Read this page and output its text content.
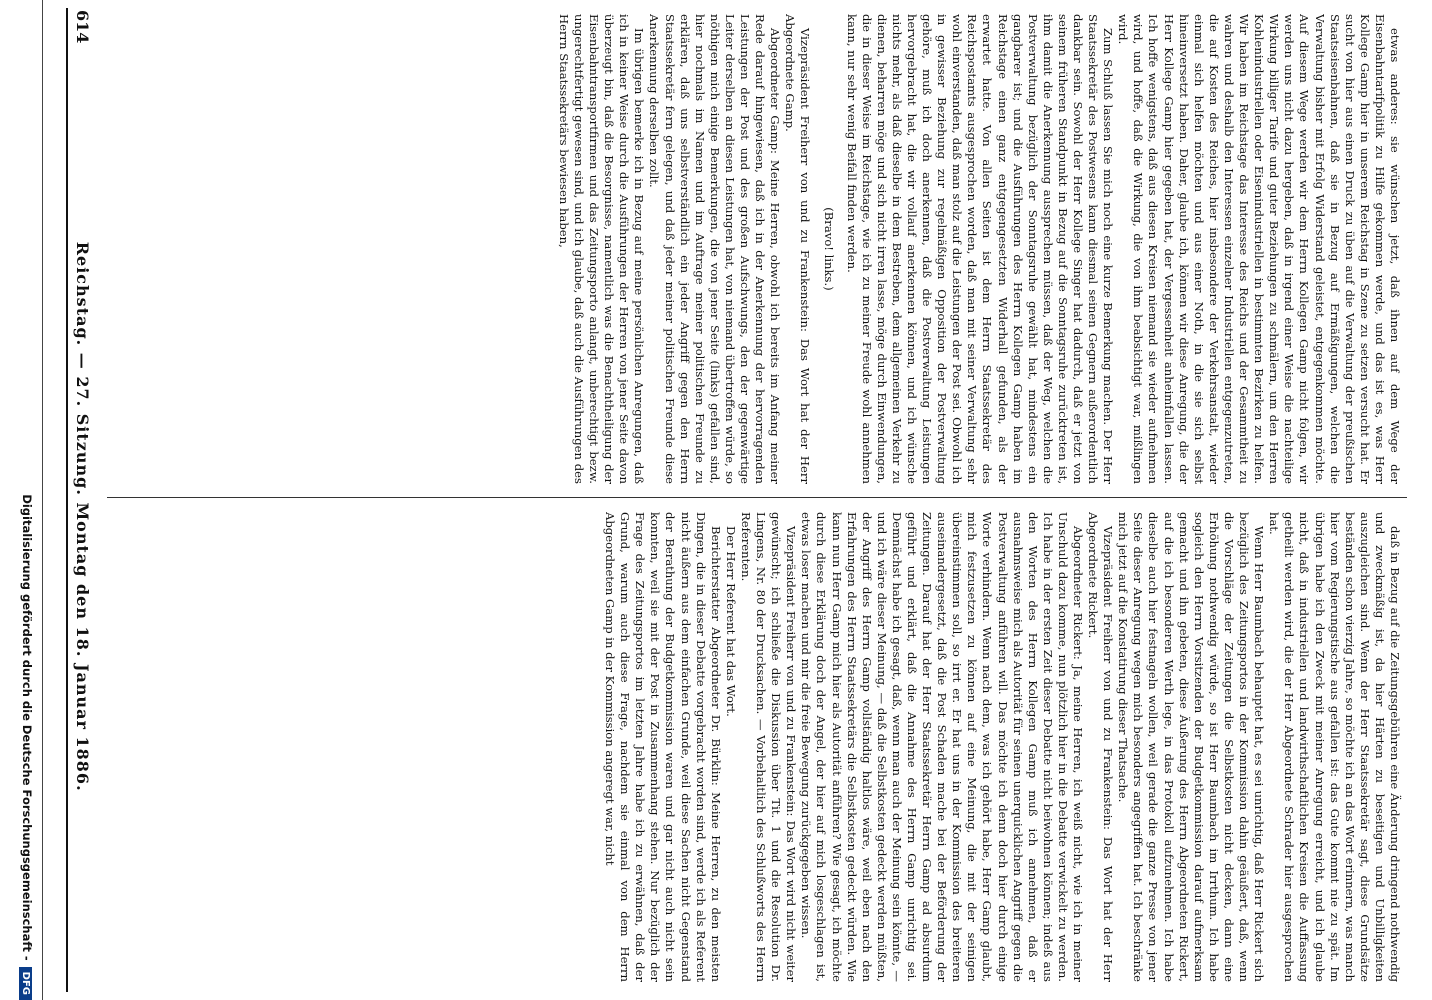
614
Reichstag. — 27. Sitzung. Montag den 18. Januar 1886.	etwas anderes: sie wünschen jetzt, daß ihnen auf dem Wege der Eisenbahntarifpolitik zu Hilfe gekommen werde, und das ist es, was Herr Kollege Gamp hier in unserem Reichstag in Szene zu setzen versucht hat. Er sucht von hier aus einen Druck zu üben auf die Verwaltung der preußischen Staatseisenbahnen, daß sie in Bezug auf Ermäßigungen, welchen die Verwaltung bisher mit Erfolg Widerstand geleistet, entgegenkommen möchte. Auf diesem Wege werden wir dem Herrn Kollegen Gamp nicht folgen, wir werden uns nicht dazu hergeben, daß in irgend einer Weise die nachteilige Wirkung billiger Tarife und guter Beziehungen zu schmälern, um den Herren Kohlenindustriellen oder Eisenindustriellen in bestimmten Bezirken zu helfen. Wir haben im Reichstage das Interesse des Reichs und der Gesammtheit zu wahren und deshalb den Interessen einzelner Industriellen entgegenzutreten, die auf Kosten des Reiches, hier insbesondere der Verkehrsanstalt, wieder einmal sich helfen möchten und aus einer Noth, in die sie sich selbst hineinversetzt haben. Daher, glaube ich, können wir diese Anregung, die der Herr Kollege Gamp hier gegeben hat, der Vergessenheit anheimfallen lassen. Ich hoffe wenigstens, daß aus diesen Kreisen niemand sie wieder aufnehmen wird, und hoffe, daß die Wirkung, die von ihm beabsichtigt war, mißlingen wird.

Zum Schluß lassen Sie mich noch eine kurze Bemerkung machen. Der Herr Staatssekretär des Postwesens kann diesmal seinen Gegnern außerordentlich dankbar sein. Sowohl der Herr Kollege Singer hat dadurch, daß er jetzt von seinem früheren Standpunkt in Bezug auf die Sonntagsruhe zurücktreten ist, ihm damit die Anerkennung aussprechen müssen, daß der Weg, welchen die Postverwaltung bezüglich der Sonntagsruhe gewählt hat, mindestens ein gangbarer ist; und die Ausführungen des Herrn Kollegen Gamp haben im Reichstage einen ganz entgegengesetzten Widerhall gefunden, als der erwartet hatte. Von allen Seiten ist dem Herrn Staatssekretär des Reichspostamts ausgesprochen worden, daß man mit seiner Verwaltung sehr wohl einverstanden, daß man stolz auf die Leistungen der Post sei. Obwohl ich in gewisser Beziehung zur regelmäßigen Opposition der Postverwaltung gehöre, muß ich doch anerkennen, daß die Postverwaltung Leistungen hervorgebracht hat, die wir vollauf anerkennen können, und ich wünsche nichts mehr, als daß dieselbe in dem Bestreben, dem allgemeinen Verkehr zu dienen, beharren möge und sich nicht irren lasse, möge durch Einwendungen, die in dieser Weise im Reichstage, wie ich zu meiner Freude wohl annehmen kann, nur sehr wenig Beifall finden werden.

(Bravo! links.)

Vizepräsident Freiherr von und zu Frankenstein: Das Wort hat der Herr Abgeordnete Gamp.

Abgeordneter Gamp: Meine Herren, obwohl ich bereits im Anfang meiner Rede darauf hingewiesen, daß ich in der Anerkennung der hervorragenden Leistungen der Post und des großen Aufschwungs, den der gegenwärtige Leiter derselben an diesen Leistungen hat, von niemand übertroffen würde, so nöthigen mich einige Bemerkungen, die von jener Seite (links) gefallen sind, hier nochmals im Namen und im Auftrage meiner politischen Freunde zu erklären, daß uns selbstverständlich ein jeder Angriff gegen den Herrn Staatssekretär fern gelegen, und daß jeder meiner politischen Freunde diese Anerkennung derselben zollt.

Im übrigen bemerke ich in Bezug auf meine persönlichen Anregungen, daß ich in keiner Weise durch die Ausführungen der Herren von jener Seite davon überzeugt bin, daß die Besorgnisse, namentlich was die Benachtheiligung der Eisenbahntransportfirmen und das Zeitungsporto anlangt, unberechtigt bezw. ungerechtfertigt gewesen sind, und ich glaube, daß auch die Ausführungen des Herrn Staatssekretärs bewiesen haben,

daß in Bezug auf die Zeitungsgebühren eine Änderung dringend nothwendig und zweckmäßig ist, da hier Härten zu beseitigen und Unbilligkeiten auszugleichen sind. Wenn der Herr Staatssekretär sagt, diese Grundsätze beständen schon vierzig Jahre, so möchte ich an das Wort erinnern, was manch hier vom Regierungstische aus gefallen ist: das Gute kommt nie zu spät. Im übrigen habe ich den Zweck mit meiner Anregung erreicht, und ich glaube nicht, daß in industriellen und landwirthschaftlichen Kreisen die Auffassung getheilt werden wird, die der Herr Abgeordnete Schrader hier ausgesprochen hat.

Wenn Herr Baumbach behauptet hat, es sei unrichtig, daß Herr Rickert sich bezüglich des Zeitungsportos in der Kommission dahin geäußert, daß, wenn die Vorschläge der Zeitungen die Selbstkosten nicht decken, dann eine Erhöhung nothwendig würde, so ist Herr Baumbach im Irrthum. Ich habe sogleich den Herrn Vorsitzenden der Budgetkommission darauf aufmerksam gemacht und ihn gebeten, diese Äußerung des Herrn Abgeordneten Rickert, auf die ich besonderen Werth lege, in das Protokoll aufzunehmen. Ich habe dieselbe auch hier festnageln wollen, weil gerade die ganze Presse von jener Seite dieser Anregung wegen mich besonders angegriffen hat. Ich beschränke mich jetzt auf die Konstatirung dieser Thatsache.

Vizepräsident Freiherr von und zu Frankenstein: Das Wort hat der Herr Abgeordnete Rickert.

Abgeordneter Rickert: Ja, meine Herren, ich weiß nicht, wie ich in meiner Unschuld dazu komme, nun plötzlich hier in die Debatte verwickelt zu werden. Ich habe in der ersten Zeit dieser Debatte nicht beiwohnen können; indeß aus den Worten des Herrn Kollegen Gamp muß ich annehmen, daß er ausnahmsweise mich als Autorität für seinen unerquicklichen Angriff gegen die Postverwaltung anführen will. Das möchte ich denn doch hier durch einige Worte verhindern. Wenn nach dem, was ich gehört habe, Herr Gamp glaubt, mich festzusetzen zu können auf eine Meinung, die mit der seinigen übereinstimmen soll, so irrt er. Er hat uns in der Kommission des breiteren auseinandergesetzt, daß die Post Schaden mache bei der Beförderung der Zeitungen. Darauf hat der Herr Staatssekretär Herrn Gamp ad absurdum geführt und erklärt, daß die Annahme des Herrn Gamp unrichtig sei. Demnächst habe ich gesagt, daß, wenn man auch der Meinung sein könnte, — und ich wäre dieser Meinung, — daß die Selbstkosten gedeckt werden müßten, der Angriff des Herrn Gamp vollständig haltlos wäre, weil eben nach den Erfahrungen des Herrn Staatssekretärs die Selbstkosten gedeckt würden. Wie kann nun Herr Gamp mich hier als Autorität anführen? Wie gesagt, ich möchte durch diese Erklärung doch der Angel, der hier auf mich losgeschlagen ist, etwas loser machen und mir die freie Bewegung zurückgegeben wissen.

Vizepräsident Freiherr von und zu Frankenstein: Das Wort wird nicht weiter gewünscht; ich schließe die Diskussion über Tit. 1 und die Resolution Dr. Lingens, Nr. 80 der Drucksachen. — Vorbehaltlich des Schlußworts des Herrn Referenten.

Der Herr Referent hat das Wort.

Berichterstatter Abgeordneter Dr. Bürklin: Meine Herren, zu den meisten Dingen, die in dieser Debatte vorgebracht worden sind, werde ich als Referent nicht äußern aus dem einfachen Grunde, weil diese Sachen nicht Gegenstand der Berathung der Budgetkommission waren und gar nicht auch nicht sein konnten, weil sie mit der Post in Zusammenhang stehen. Nur bezüglich der Frage des Zeitungsportos im letzten Jahre habe ich zu erwähnen, daß der Grund, warum auch diese Frage, nachdem sie einmal von dem Herrn Abgeordneten Gamp in der Kommission angeregt war, nicht

Digitalisierung gefördert durch die Deutsche Forschungsgemeinschaft -DFG
